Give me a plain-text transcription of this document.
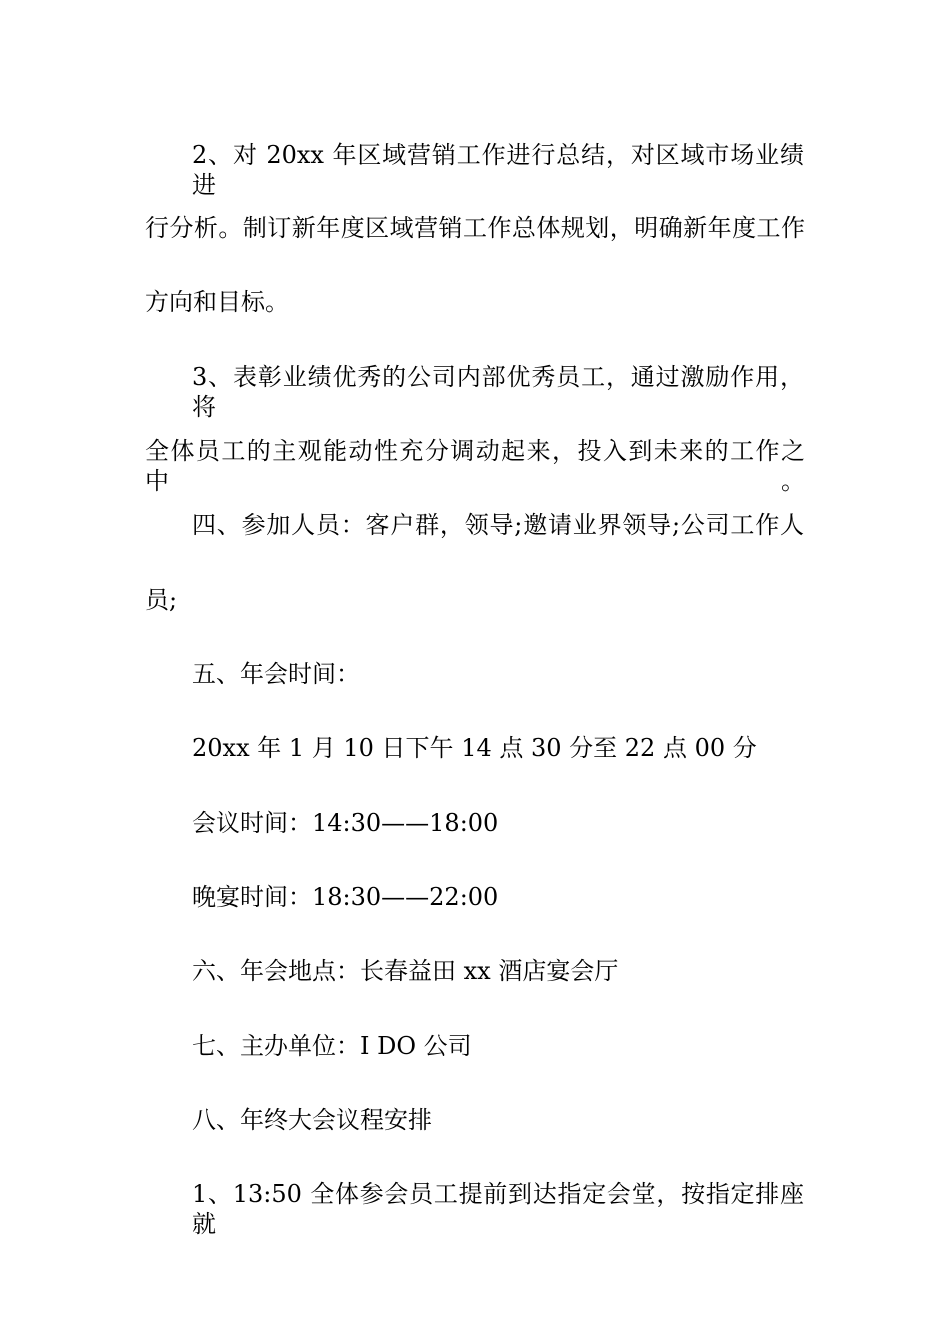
2、对 20xx 年区域营销工作进行总结，对区域市场业绩进
行分析。制订新年度区域营销工作总体规划，明确新年度工作
方向和目标。
3、表彰业绩优秀的公司内部优秀员工，通过激励作用，将
全体员工的主观能动性充分调动起来，投入到未来的工作之中。
四、参加人员：客户群，领导;邀请业界领导;公司工作人
员;
五、年会时间：
20xx 年 1 月 10 日下午 14 点 30 分至 22 点 00 分
会议时间：14:30——18:00
晚宴时间：18:30——22:00
六、年会地点：长春益田 xx 酒店宴会厅
七、主办单位：I DO 公司
八、年终大会议程安排
1、13:50 全体参会员工提前到达指定会堂，按指定排座就
